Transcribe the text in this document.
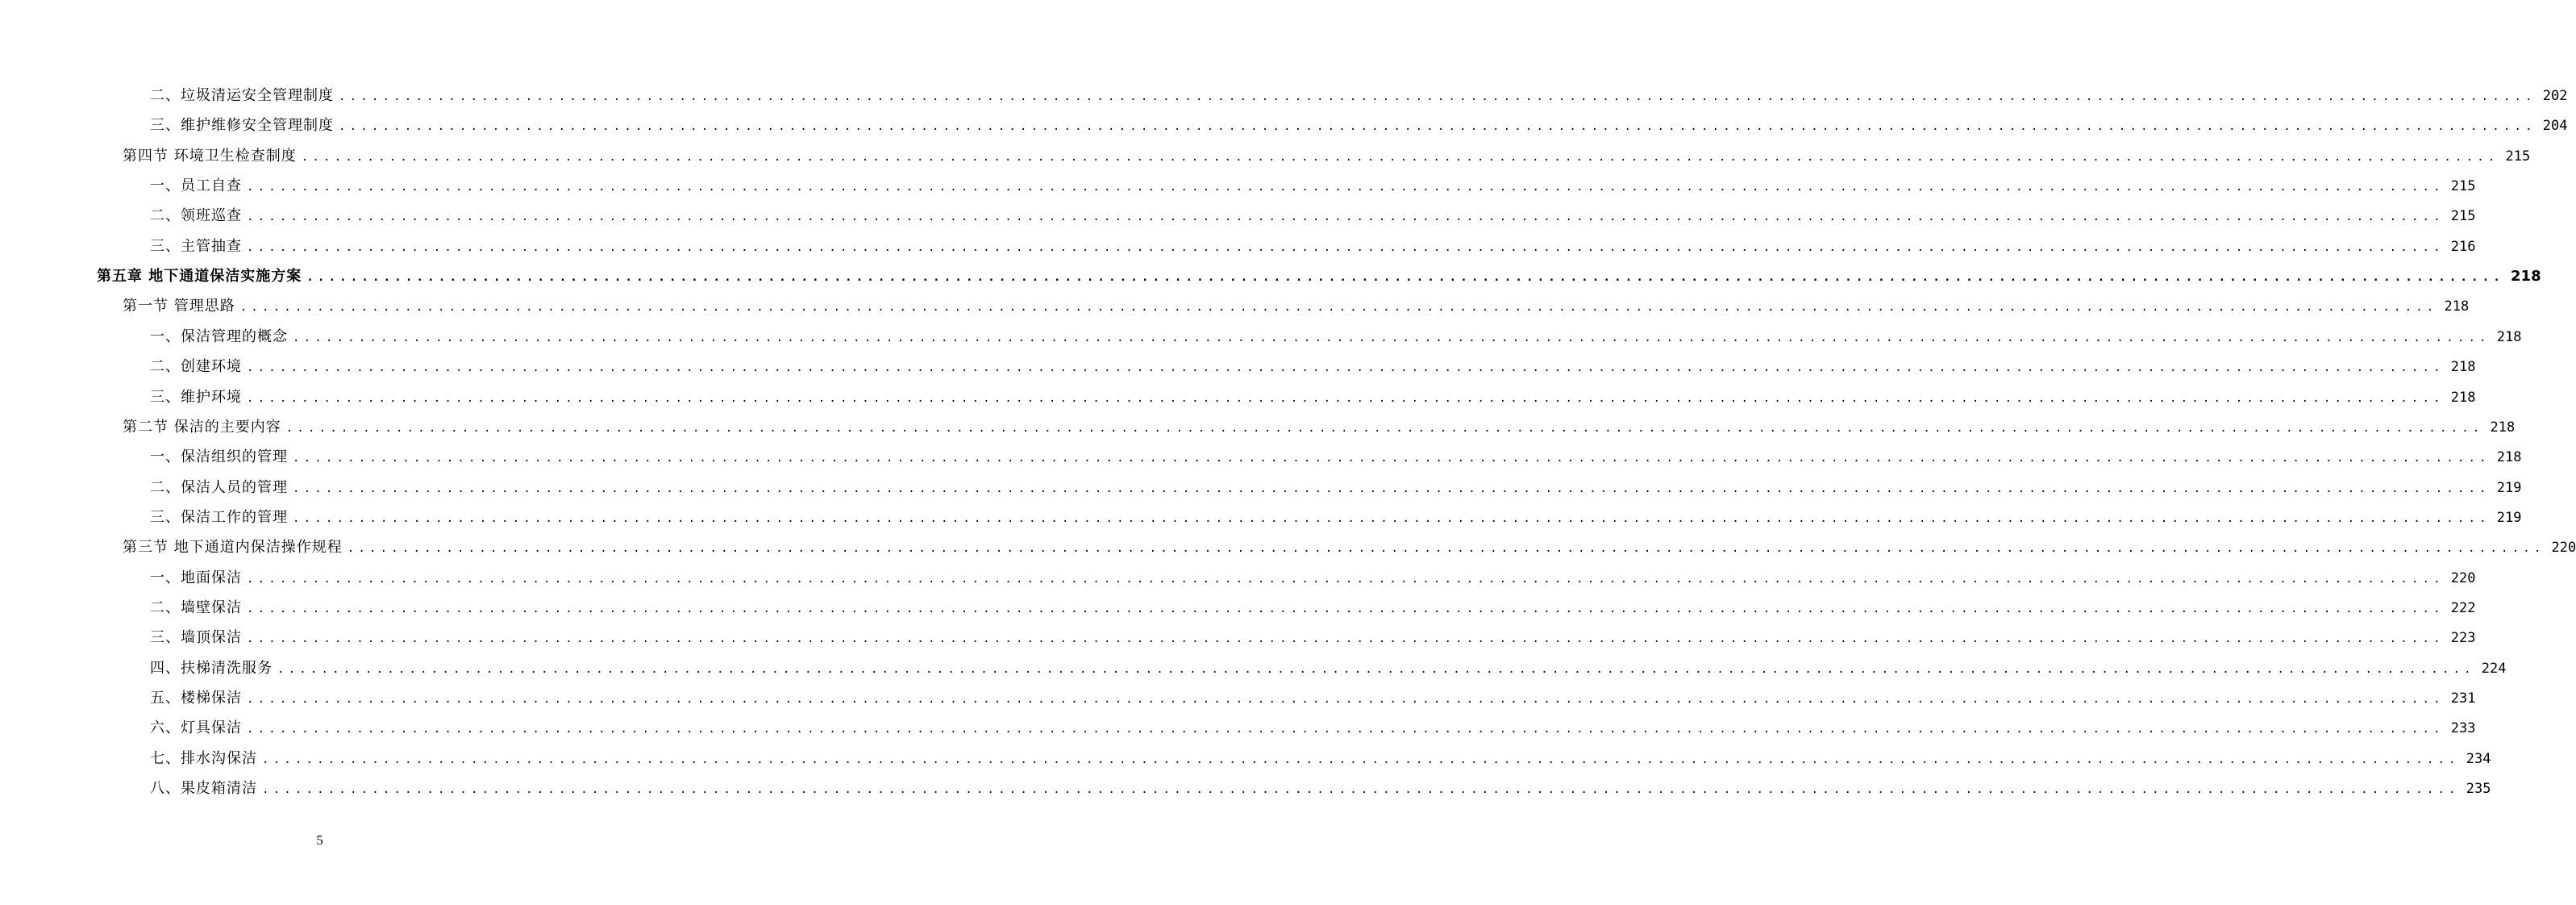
二、垃圾清运安全管理制度 ........................................................................................................................................................................................................ 202
三、维护维修安全管理制度 ........................................................................................................................................................................................................ 204
第四节 环境卫生检查制度 ........................................................................................................................................................................................................ 215
一、员工自查 ........................................................................................................................................................................................................ 215
二、领班巡查 ........................................................................................................................................................................................................ 215
三、主管抽查 ........................................................................................................................................................................................................ 216
第五章 地下通道保洁实施方案 ........................................................................................................................................................................................................ 218
第一节 管理思路 ........................................................................................................................................................................................................ 218
一、保洁管理的概念 ........................................................................................................................................................................................................ 218
二、创建环境 ........................................................................................................................................................................................................ 218
三、维护环境 ........................................................................................................................................................................................................ 218
第二节 保洁的主要内容 ........................................................................................................................................................................................................ 218
一、保洁组织的管理 ........................................................................................................................................................................................................ 218
二、保洁人员的管理 ........................................................................................................................................................................................................ 219
三、保洁工作的管理 ........................................................................................................................................................................................................ 219
第三节 地下通道内保洁操作规程 ........................................................................................................................................................................................................ 220
一、地面保洁 ........................................................................................................................................................................................................ 220
二、墙壁保洁 ........................................................................................................................................................................................................ 222
三、墙顶保洁 ........................................................................................................................................................................................................ 223
四、扶梯清洗服务 ........................................................................................................................................................................................................ 224
五、楼梯保洁 ........................................................................................................................................................................................................ 231
六、灯具保洁 ........................................................................................................................................................................................................ 233
七、排水沟保洁 ........................................................................................................................................................................................................ 234
八、果皮箱清洁 ........................................................................................................................................................................................................ 235
5
